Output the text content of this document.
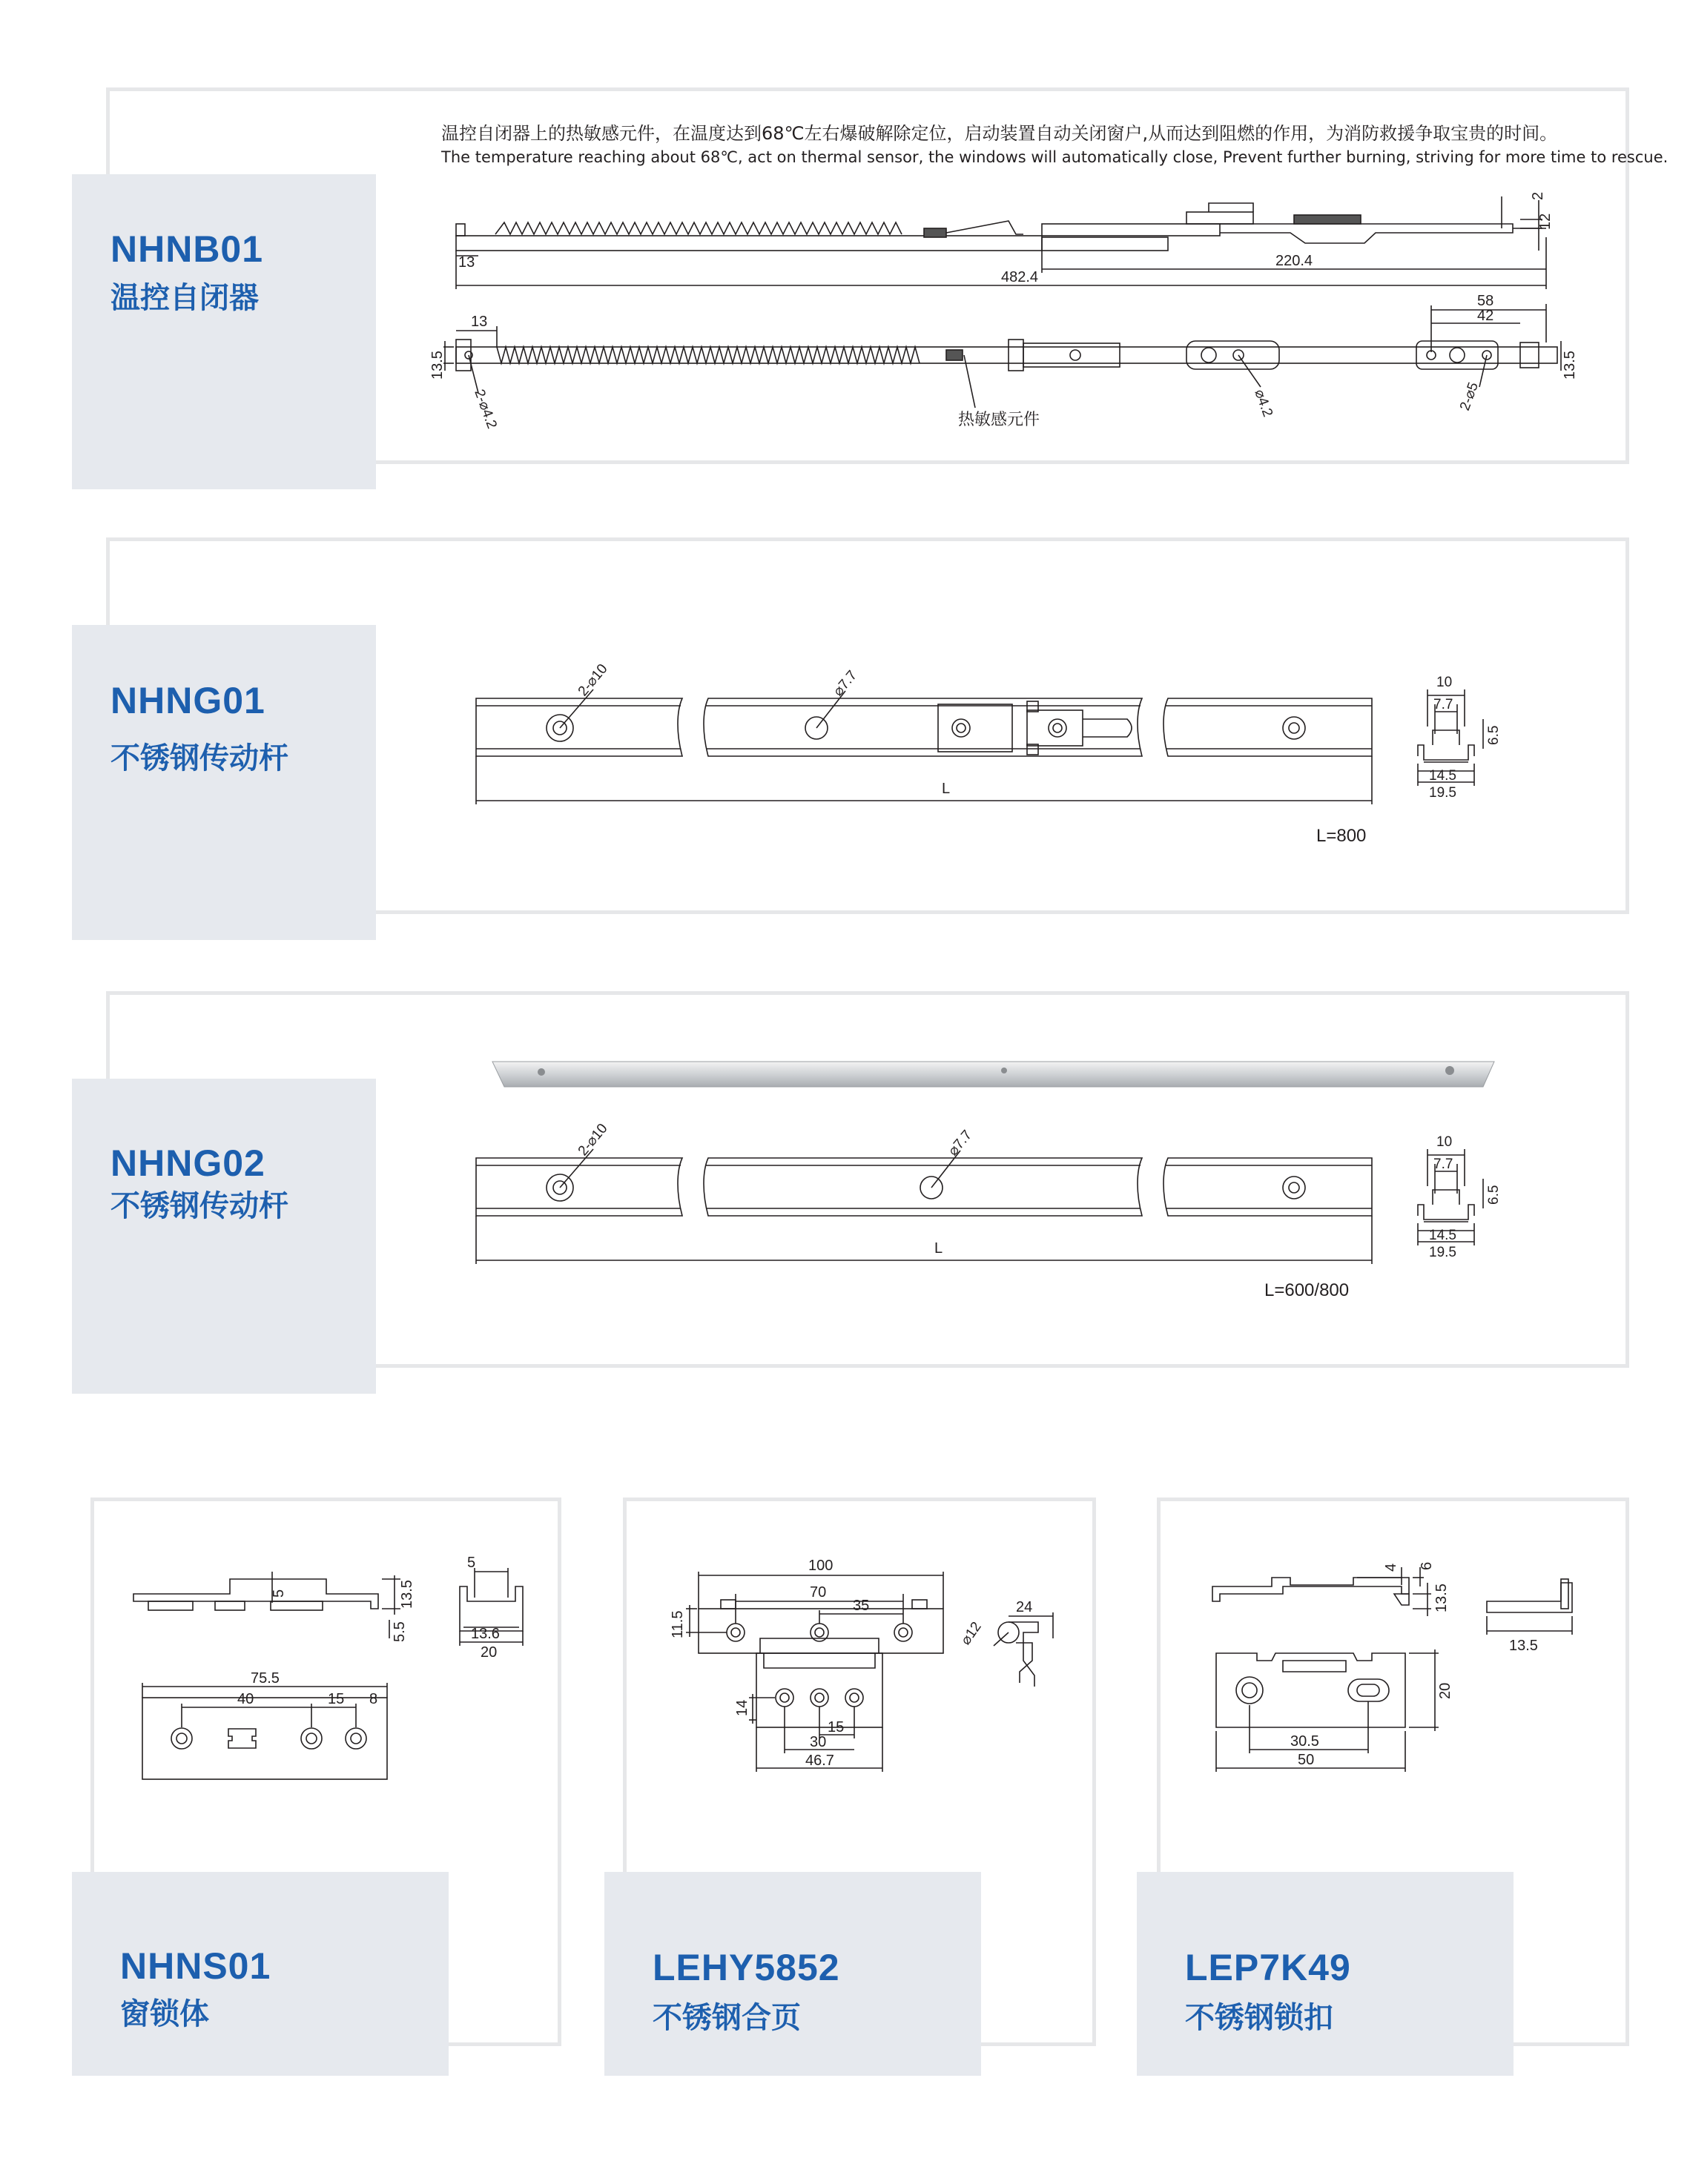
NHNB01
温控自闭器
温控自闭器上的热敏感元件，在温度达到68℃左右爆破解除定位，启动装置自动关闭窗户,从而达到阻燃的作用，为消防救援争取宝贵的时间。
The temperature reaching about 68℃, act on thermal sensor, the windows will automatically close, Prevent further burning, striving for more time to rescue.
2
12
13	220.4
482.4
58
42
13
13.5	13.5
2-⌀4.2	⌀4.2	2-⌀5
热敏感元件
NHNG01
不锈钢传动杆
2-⌀10	⌀7.7
L
10
7.7
6.5
14.5
19.5
L=800
NHNG02
不锈钢传动杆
2-⌀10	⌀7.7
L
10
7.7
6.5
14.5
19.5
L=600/800
5
13.5
5.5
5
13.6
20
75.5
40	15 8
NHNS01
窗锁体
100
70
35
11.5
24
⌀12
14
15
30
46.7
LEHY5852
不锈钢合页
4 6
13.5
13.5
20
30.5
50
LEP7K49
不锈钢锁扣
